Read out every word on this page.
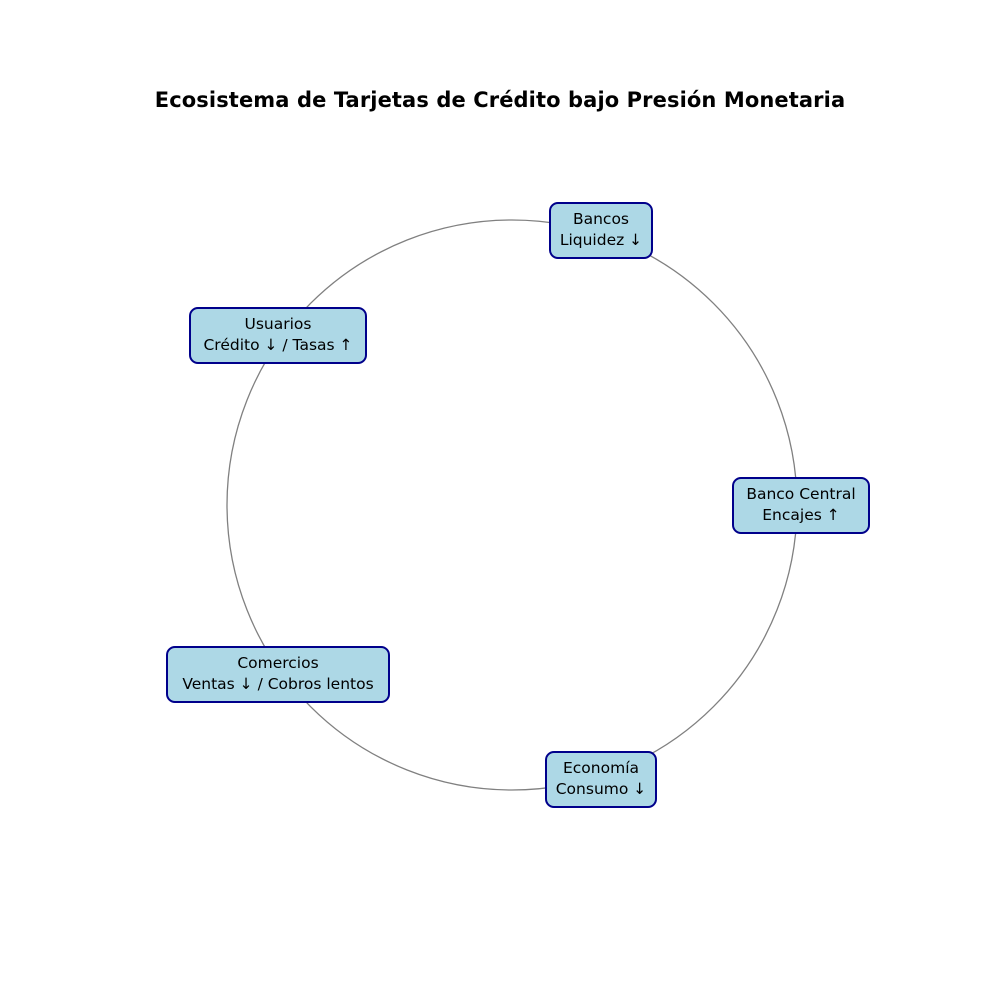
Ecosistema de Tarjetas de Crédito bajo Presión Monetaria
Bancos
Liquidez ↓
Banco Central
Encajes ↑
Economía
Consumo ↓
Comercios
Ventas ↓ / Cobros lentos
Usuarios
Crédito ↓ / Tasas ↑
